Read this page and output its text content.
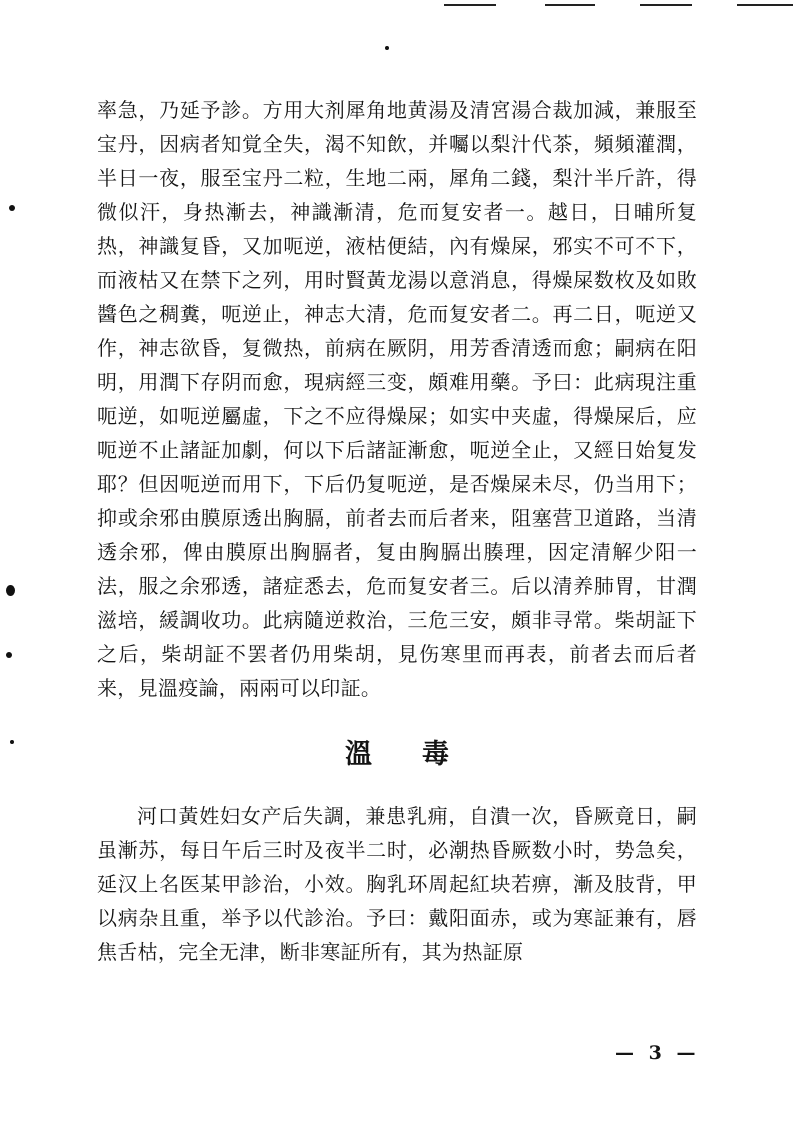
率急，乃延予診。方用大剂犀角地黄湯及清宮湯合裁加減，兼服至宝丹，因病者知覚全失，渴不知飲，并囑以梨汁代茶，頻頻灌潤，半日一夜，服至宝丹二粒，生地二兩，犀角二錢，梨汁半斤許，得微似汗，身热漸去，神識漸清，危而复安者一。越日，日晡所复热，神識复昏，又加呃逆，液枯便結，內有燥屎，邪实不可不下，而液枯又在禁下之列，用时賢黃龙湯以意消息，得燥屎数枚及如敗醬色之稠糞，呃逆止，神志大清，危而复安者二。再二日，呃逆又作，神志欲昏，复微热，前病在厥阴，用芳香清透而愈；嗣病在阳明，用潤下存阴而愈，現病經三变，頗难用藥。予曰：此病現注重呃逆，如呃逆屬虛，下之不应得燥屎；如实中夹虛，得燥屎后，应呃逆不止諸証加劇，何以下后諸証漸愈，呃逆全止，又經日始复发耶？但因呃逆而用下，下后仍复呃逆，是否燥屎未尽，仍当用下；抑或余邪由膜原透出胸膈，前者去而后者来，阻塞营卫道路，当清透余邪，俾由膜原出胸膈者，复由胸膈出腠理，因定清解少阳一法，服之余邪透，諸症悉去，危而复安者三。后以清养肺胃，甘潤滋培，緩調收功。此病隨逆救治，三危三安，頗非寻常。柴胡証下之后，柴胡証不罢者仍用柴胡，見伤寒里而再表，前者去而后者来，見溫疫論，兩兩可以印証。

溫毒

河口黃姓妇女产后失調，兼患乳痈，自潰一次，昏厥竟日，嗣虽漸苏，每日午后三时及夜半二时，必潮热昏厥数小时，势急矣，延汉上名医某甲診治，小效。胸乳环周起紅块若痹，漸及肢背，甲以病杂且重，举予以代診治。予曰：戴阳面赤，或为寒証兼有，唇焦舌枯，完全无津，断非寒証所有，其为热証原

— 3 —
